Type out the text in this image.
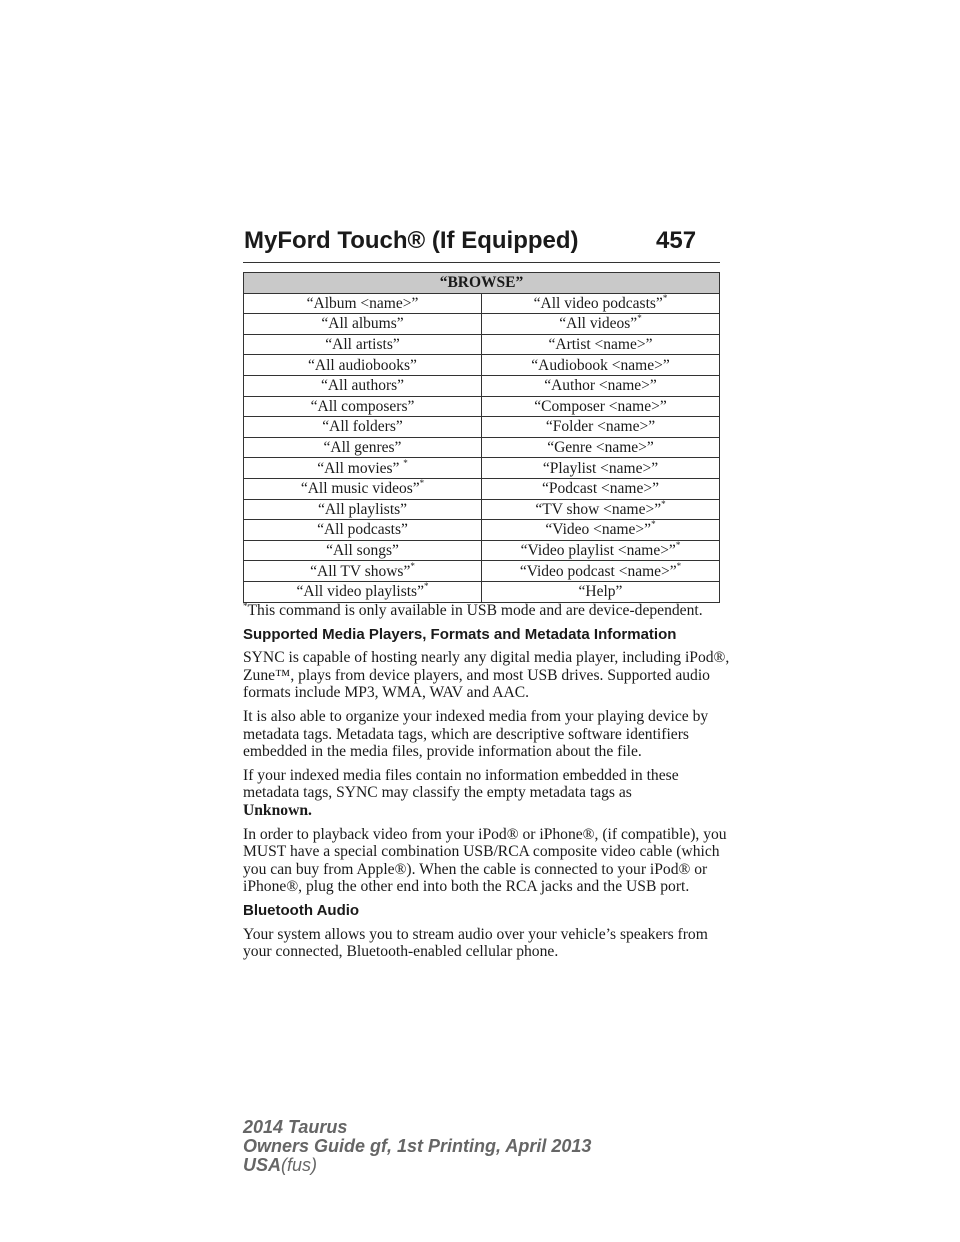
MyFord Touch® (If Equipped)	457
“BROWSE”	
“Album <name>”	“All video podcasts”*
“All albums”	“All videos”*
“All artists”	“Artist <name>”
“All audiobooks”	“Audiobook <name>”
“All authors”	“Author <name>”
“All composers”	“Composer <name>”
“All folders”	“Folder <name>”
“All genres”	“Genre <name>”
“All movies” *	“Playlist <name>”
“All music videos”*	“Podcast <name>”
“All playlists”	“TV show <name>”*
“All podcasts”	“Video <name>”*
“All songs”	“Video playlist <name>”*
“All TV shows”*	“Video podcast <name>”*
“All video playlists”*	“Help”

*This command is only available in USB mode and are device-dependent.

Supported Media Players, Formats and Metadata Information

SYNC is capable of hosting nearly any digital media player, including iPod®, Zune™, plays from device players, and most USB drives. Supported audio formats include MP3, WMA, WAV and AAC.

It is also able to organize your indexed media from your playing device by metadata tags. Metadata tags, which are descriptive software identifiers embedded in the media files, provide information about the file.

If your indexed media files contain no information embedded in these metadata tags, SYNC may classify the empty metadata tags as
Unknown.

In order to playback video from your iPod® or iPhone®, (if compatible), you MUST have a special combination USB/RCA composite video cable (which you can buy from Apple®). When the cable is connected to your iPod® or iPhone®, plug the other end into both the RCA jacks and the USB port.

Bluetooth Audio

Your system allows you to stream audio over your vehicle’s speakers from your connected, Bluetooth-enabled cellular phone.

2014 Taurus
Owners Guide gf, 1st Printing, April 2013
USA(fus)
